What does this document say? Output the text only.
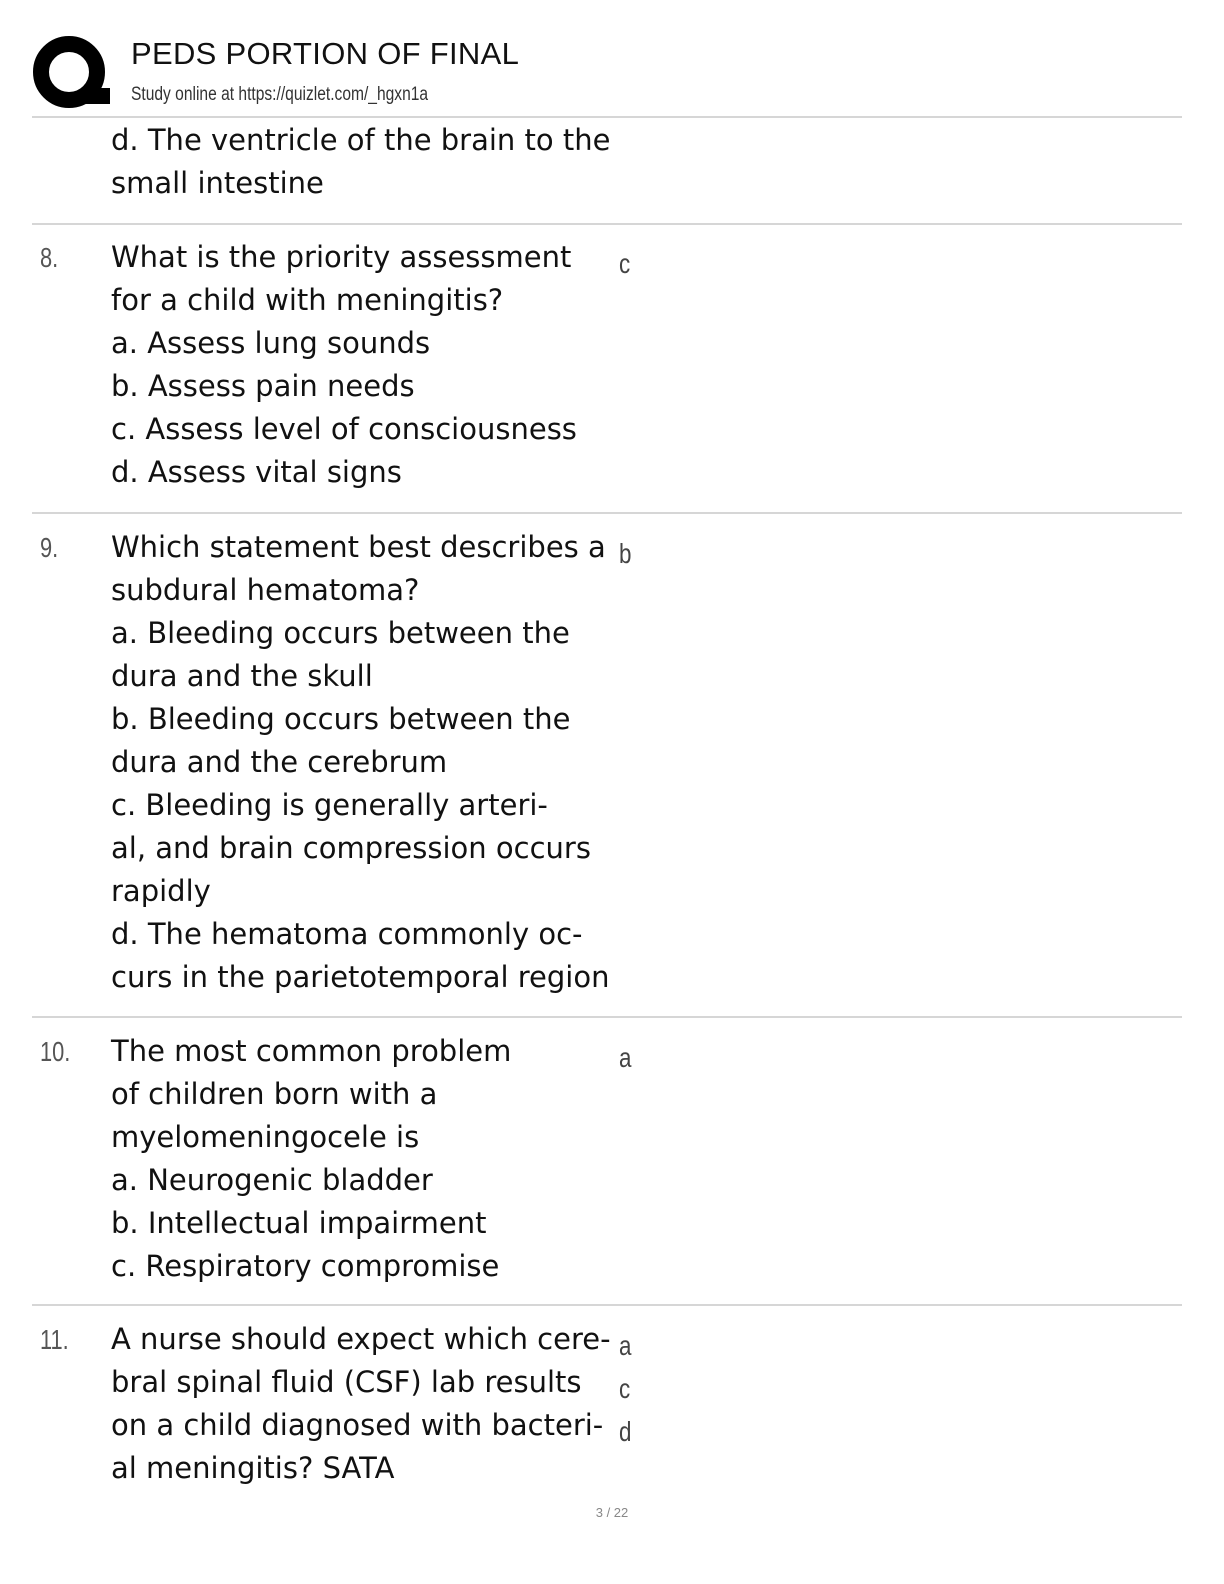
PEDS PORTION OF FINAL
Study online at https://quizlet.com/_hgxn1a
d. The ventricle of the brain to the
small intestine
8. What is the priority assessment
for a child with meningitis?
a. Assess lung sounds
b. Assess pain needs
c. Assess level of consciousness
d. Assess vital signs
c
9. Which statement best describes a
subdural hematoma?
a. Bleeding occurs between the
dura and the skull
b. Bleeding occurs between the
dura and the cerebrum
c. Bleeding is generally arteri-
al, and brain compression occurs
rapidly
d. The hematoma commonly oc-
curs in the parietotemporal region
b
10. The most common problem
of children born with a
myelomeningocele is
a. Neurogenic bladder
b. Intellectual impairment
c. Respiratory compromise
a
11. A nurse should expect which cere-
bral spinal fluid (CSF) lab results
on a child diagnosed with bacteri-
al meningitis? SATA
a
c
d
3 / 22
